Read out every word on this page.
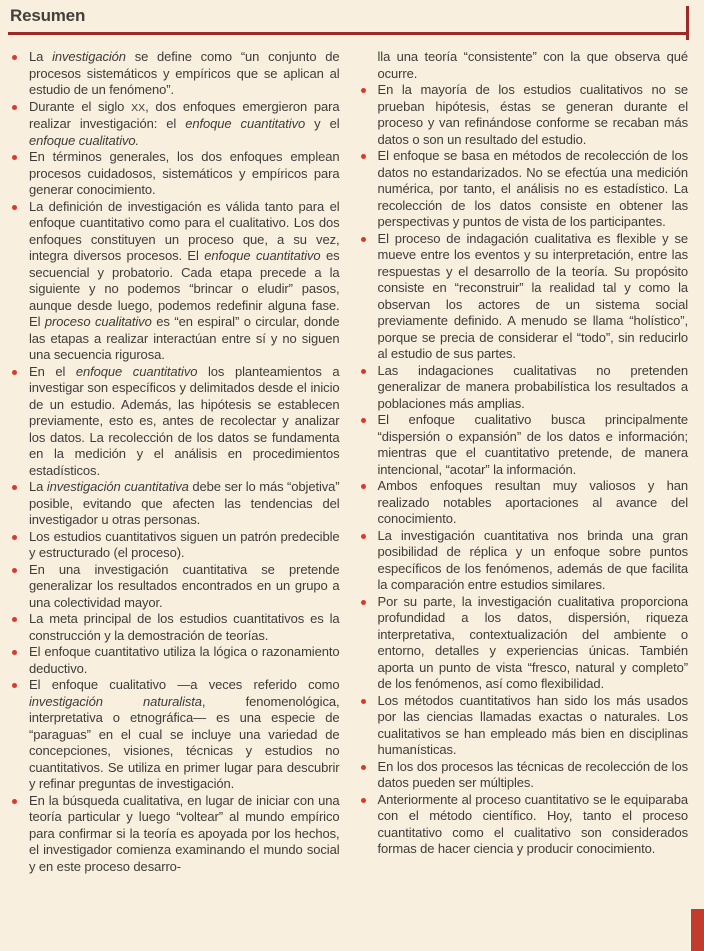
Resumen
La investigación se define como “un conjunto de procesos sistemáticos y empíricos que se aplican al estudio de un fenómeno”.
Durante el siglo XX, dos enfoques emergieron para realizar investigación: el enfoque cuantitativo y el enfoque cualitativo.
En términos generales, los dos enfoques emplean procesos cuidadosos, sistemáticos y empíricos para generar conocimiento.
La definición de investigación es válida tanto para el enfoque cuantitativo como para el cualitativo. Los dos enfoques constituyen un proceso que, a su vez, integra diversos procesos. El enfoque cuantitativo es secuencial y probatorio. Cada etapa precede a la siguiente y no podemos “brincar o eludir” pasos, aunque desde luego, podemos redefinir alguna fase. El proceso cualitativo es “en espiral” o circular, donde las etapas a realizar interactúan entre sí y no siguen una secuencia rigurosa.
En el enfoque cuantitativo los planteamientos a investigar son específicos y delimitados desde el inicio de un estudio. Además, las hipótesis se establecen previamente, esto es, antes de recolectar y analizar los datos. La recolección de los datos se fundamenta en la medición y el análisis en procedimientos estadísticos.
La investigación cuantitativa debe ser lo más “objetiva” posible, evitando que afecten las tendencias del investigador u otras personas.
Los estudios cuantitativos siguen un patrón predecible y estructurado (el proceso).
En una investigación cuantitativa se pretende generalizar los resultados encontrados en un grupo a una colectividad mayor.
La meta principal de los estudios cuantitativos es la construcción y la demostración de teorías.
El enfoque cuantitativo utiliza la lógica o razonamiento deductivo.
El enfoque cualitativo —a veces referido como investigación naturalista, fenomenológica, interpretativa o etnográfica— es una especie de “paraguas” en el cual se incluye una variedad de concepciones, visiones, técnicas y estudios no cuantitativos. Se utiliza en primer lugar para descubrir y refinar preguntas de investigación.
En la búsqueda cualitativa, en lugar de iniciar con una teoría particular y luego “voltear” al mundo empírico para confirmar si la teoría es apoyada por los hechos, el investigador comienza examinando el mundo social y en este proceso desarro-
lla una teoría “consistente” con la que observa qué ocurre.
En la mayoría de los estudios cualitativos no se prueban hipótesis, éstas se generan durante el proceso y van refinándose conforme se recaban más datos o son un resultado del estudio.
El enfoque se basa en métodos de recolección de los datos no estandarizados. No se efectúa una medición numérica, por tanto, el análisis no es estadístico. La recolección de los datos consiste en obtener las perspectivas y puntos de vista de los participantes.
El proceso de indagación cualitativa es flexible y se mueve entre los eventos y su interpretación, entre las respuestas y el desarrollo de la teoría. Su propósito consiste en “reconstruir” la realidad tal y como la observan los actores de un sistema social previamente definido. A menudo se llama “holístico”, porque se precia de considerar el “todo”, sin reducirlo al estudio de sus partes.
Las indagaciones cualitativas no pretenden generalizar de manera probabilística los resultados a poblaciones más amplias.
El enfoque cualitativo busca principalmente “dispersión o expansión” de los datos e información; mientras que el cuantitativo pretende, de manera intencional, “acotar” la información.
Ambos enfoques resultan muy valiosos y han realizado notables aportaciones al avance del conocimiento.
La investigación cuantitativa nos brinda una gran posibilidad de réplica y un enfoque sobre puntos específicos de los fenómenos, además de que facilita la comparación entre estudios similares.
Por su parte, la investigación cualitativa proporciona profundidad a los datos, dispersión, riqueza interpretativa, contextualización del ambiente o entorno, detalles y experiencias únicas. También aporta un punto de vista “fresco, natural y completo” de los fenómenos, así como flexibilidad.
Los métodos cuantitativos han sido los más usados por las ciencias llamadas exactas o naturales. Los cualitativos se han empleado más bien en disciplinas humanísticas.
En los dos procesos las técnicas de recolección de los datos pueden ser múltiples.
Anteriormente al proceso cuantitativo se le equiparaba con el método científico. Hoy, tanto el proceso cuantitativo como el cualitativo son considerados formas de hacer ciencia y producir conocimiento.
